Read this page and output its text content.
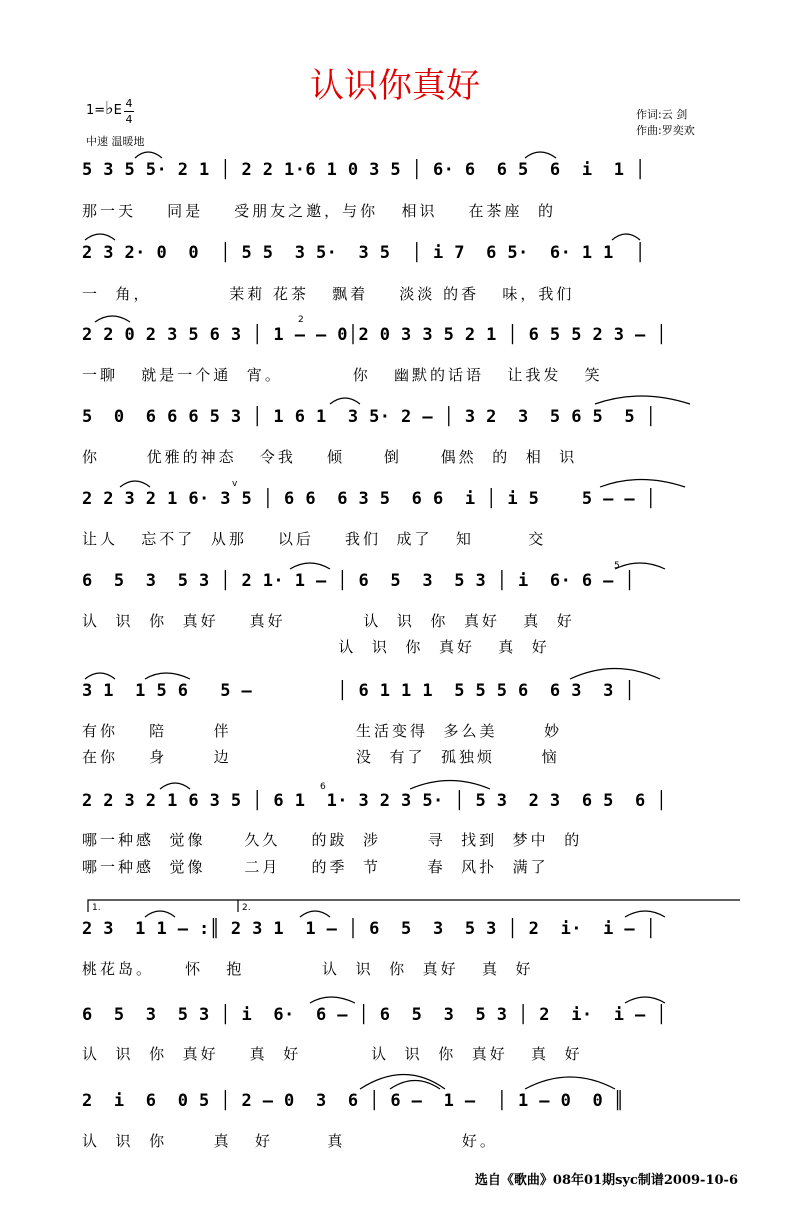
认识你真好
1=♭E 4
4
中速 温暖地
作词:云 剑
作曲:罗奕欢
5 3 5 5· 2 1 │ 2 2 1·6 1 0 3 5 │ 6· 6  6 5  6  i  1 │
那一天    同是    受朋友之邀，与你   相识    在茶座  的
2 3 2· 0  0  │ 5 5  3 5·  3 5  │ i 7  6 5·  6· 1 1  │
一  角，          茉莉 花茶   飘着    淡淡 的香   味，我们
2 2 0 2 3 5 6 3 │ 1 – – 0│2 0 3 3 5 2 1 │ 6 5 5 2 3 – │
一聊   就是一个通  宵。         你   幽默的话语   让我发   笑
5  0  6 6 6 5 3 │ 1 6 1  3 5· 2 – │ 3 2  3  5 6 5  5 │
你      优雅的神态   令我    倾     倒     偶然  的  相  识
2 2 3 2 1 6· 3 5 │ 6 6  6 3 5  6 6  i │ i 5    5 – – │
让人   忘不了  从那    以后    我们  成了   知       交
6  5  3  5 3 │ 2 1· 1 – │ 6  5  3  5 3 │ i  6· 6 – │
认  识  你  真好    真好          认  识  你  真好   真  好
认  识  你  真好   真  好
3 1  1 5 6   5 –        │ 6 1 1 1  5 5 5 6  6 3  3 │
有你    陪      伴                生活变得  多么美      妙
在你    身      边                没  有了  孤独烦      恼
2 2 3 2 1 6 3 5 │ 6 1  1· 3 2 3 5· │ 5 3  2 3  6 5  6 │
哪一种感  觉像     久久    的跋  涉      寻  找到  梦中  的
哪一种感  觉像     二月    的季  节      春  风扑  满了
2 3  1 1 – :║ 2 3 1  1 – │ 6  5  3  5 3 │ 2  i·  i – │
桃花岛。    怀   抱          认  识  你  真好   真  好
6  5  3  5 3 │ i  6·  6 – │ 6  5  3  5 3 │ 2  i·  i – │
认  识  你  真好    真  好         认  识  你  真好   真  好
2  i  6  0 5 │ 2 – 0  3  6 │ 6 –  1 –  │ 1 – 0  0 ║
认  识  你      真   好       真               好。
1.	2.
2
5
6
v
选自《歌曲》08年01期syc制谱2009-10-6
